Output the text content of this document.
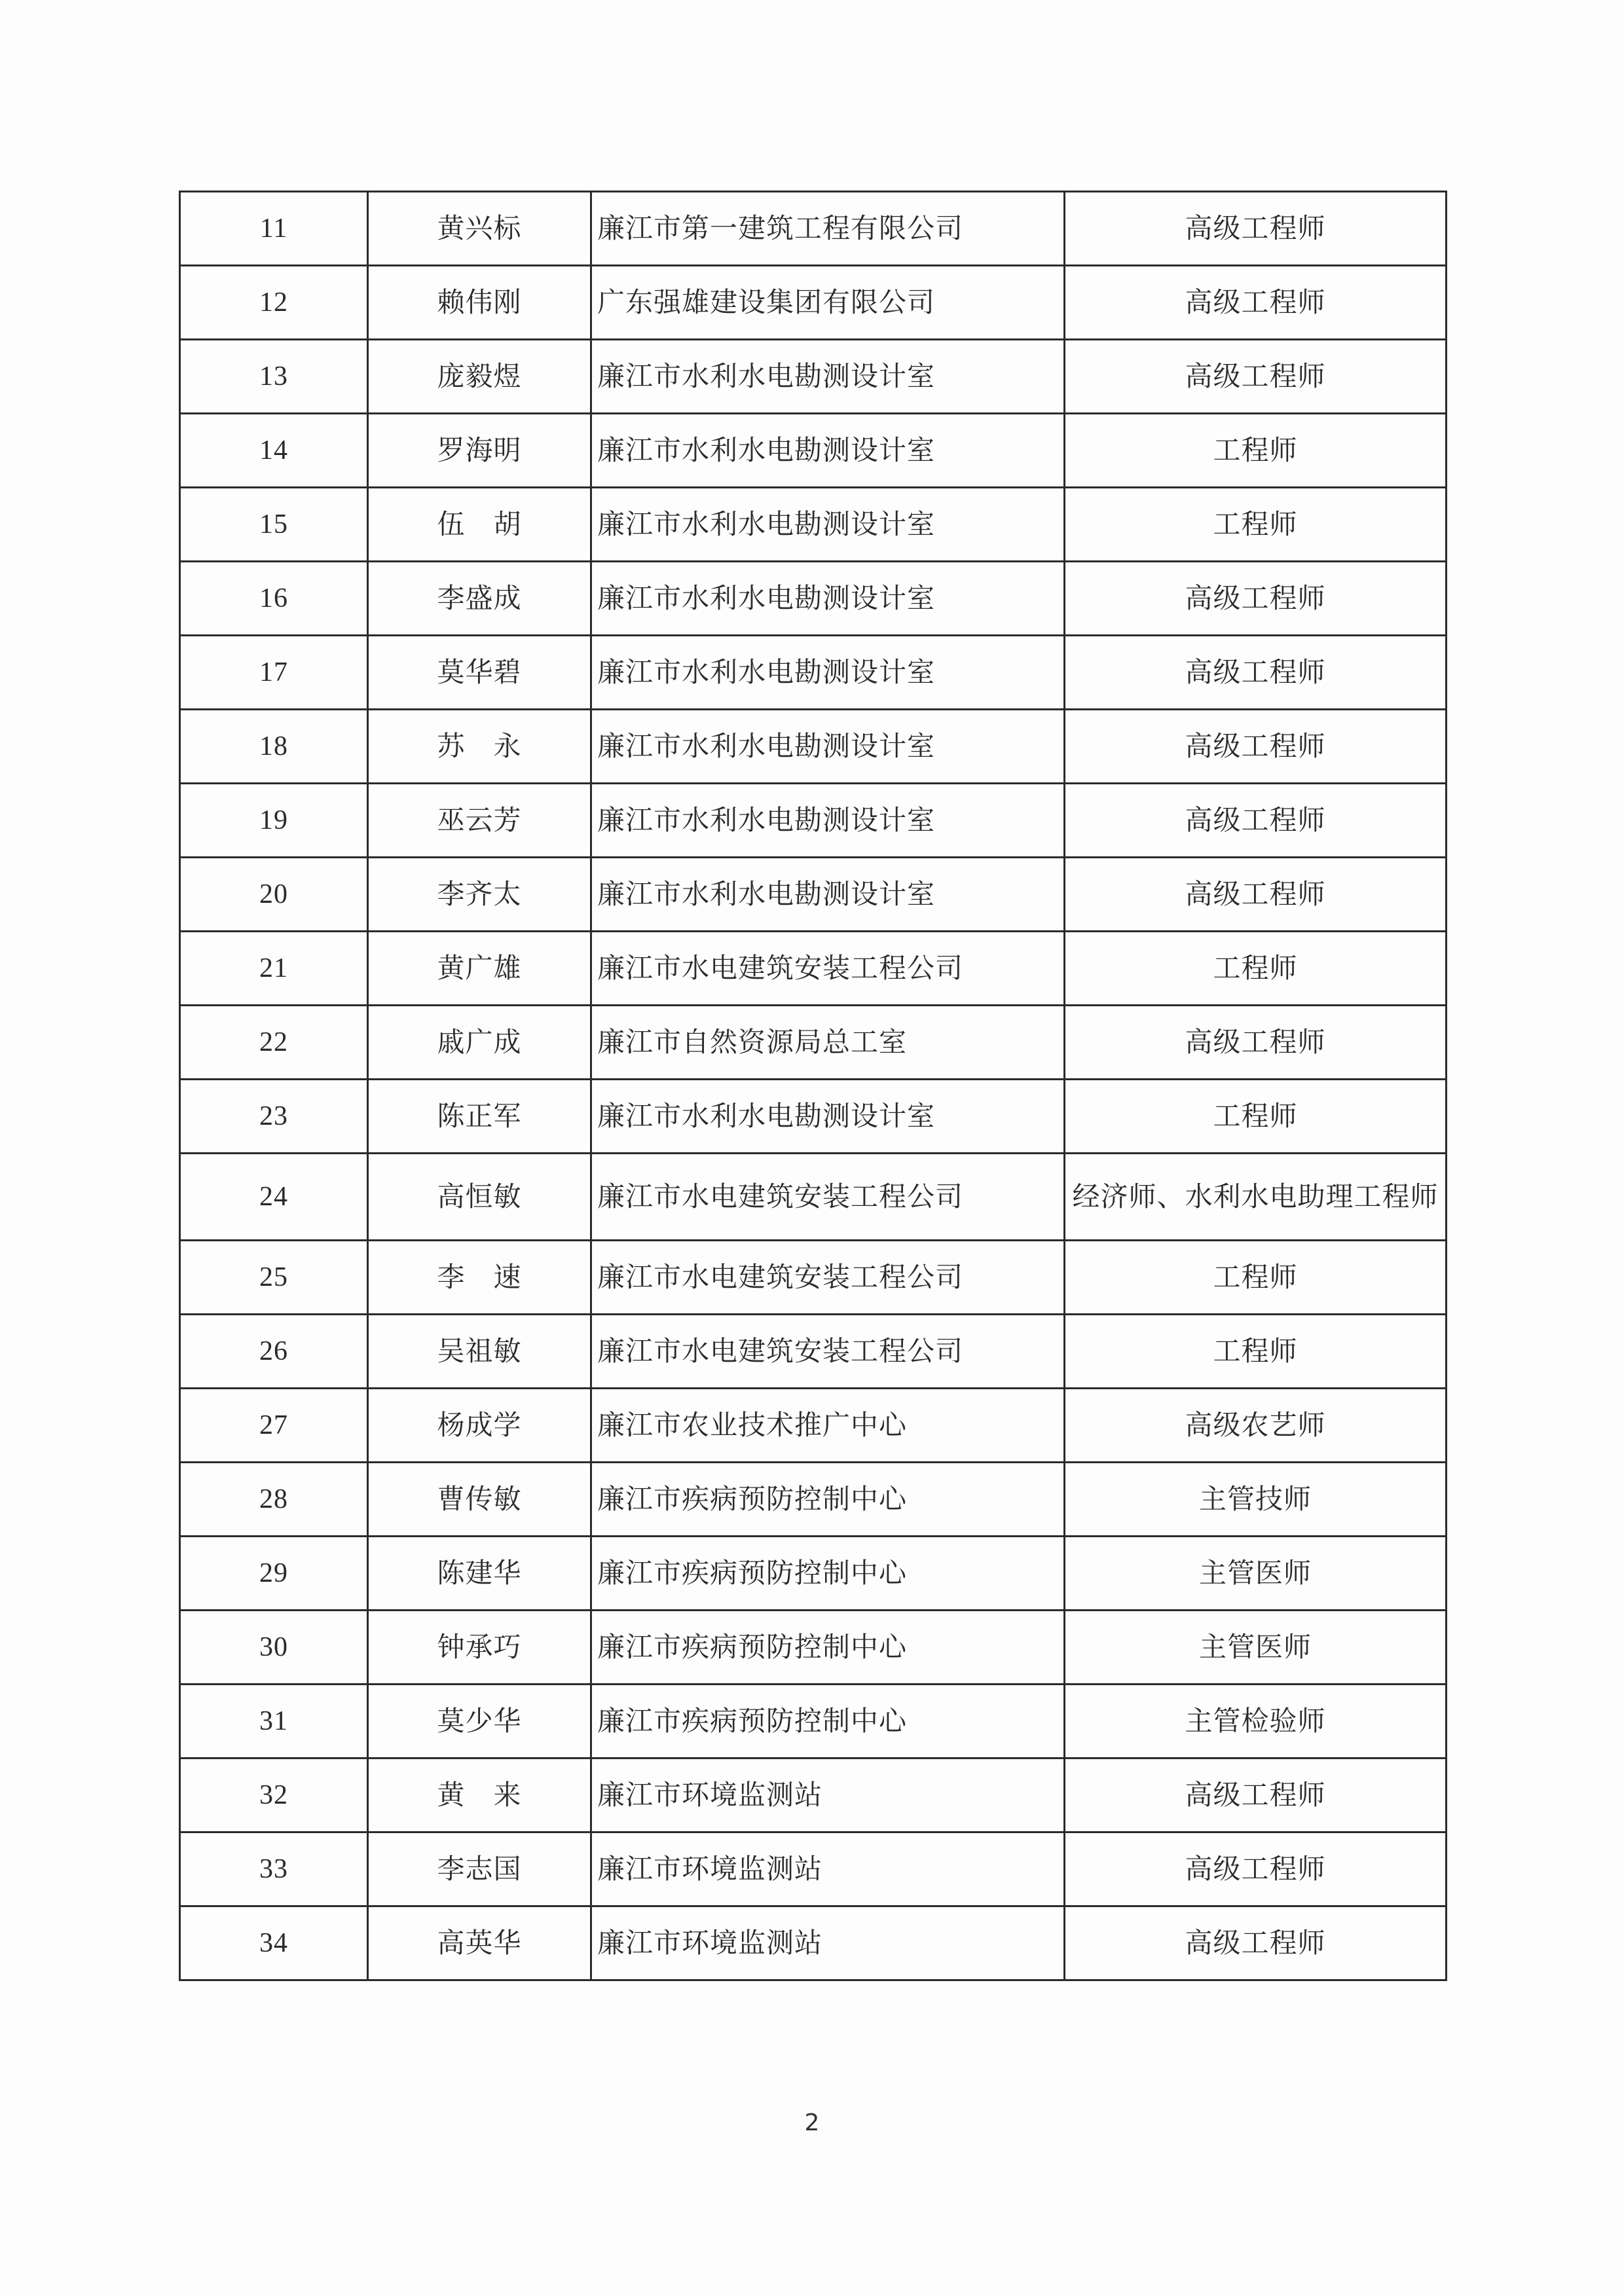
11	黄兴标	廉江市第一建筑工程有限公司	高级工程师
12	赖伟刚	广东强雄建设集团有限公司	高级工程师
13	庞毅煜	廉江市水利水电勘测设计室	高级工程师
14	罗海明	廉江市水利水电勘测设计室	工程师
15	伍　胡	廉江市水利水电勘测设计室	工程师
16	李盛成	廉江市水利水电勘测设计室	高级工程师
17	莫华碧	廉江市水利水电勘测设计室	高级工程师
18	苏　永	廉江市水利水电勘测设计室	高级工程师
19	巫云芳	廉江市水利水电勘测设计室	高级工程师
20	李齐太	廉江市水利水电勘测设计室	高级工程师
21	黄广雄	廉江市水电建筑安装工程公司	工程师
22	戚广成	廉江市自然资源局总工室	高级工程师
23	陈正军	廉江市水利水电勘测设计室	工程师
24	高恒敏	廉江市水电建筑安装工程公司	经济师、水利水电助理工程师
25	李　速	廉江市水电建筑安装工程公司	工程师
26	吴祖敏	廉江市水电建筑安装工程公司	工程师
27	杨成学	廉江市农业技术推广中心	高级农艺师
28	曹传敏	廉江市疾病预防控制中心	主管技师
29	陈建华	廉江市疾病预防控制中心	主管医师
30	钟承巧	廉江市疾病预防控制中心	主管医师
31	莫少华	廉江市疾病预防控制中心	主管检验师
32	黄　来	廉江市环境监测站	高级工程师
33	李志国	廉江市环境监测站	高级工程师
34	高英华	廉江市环境监测站	高级工程师
2
